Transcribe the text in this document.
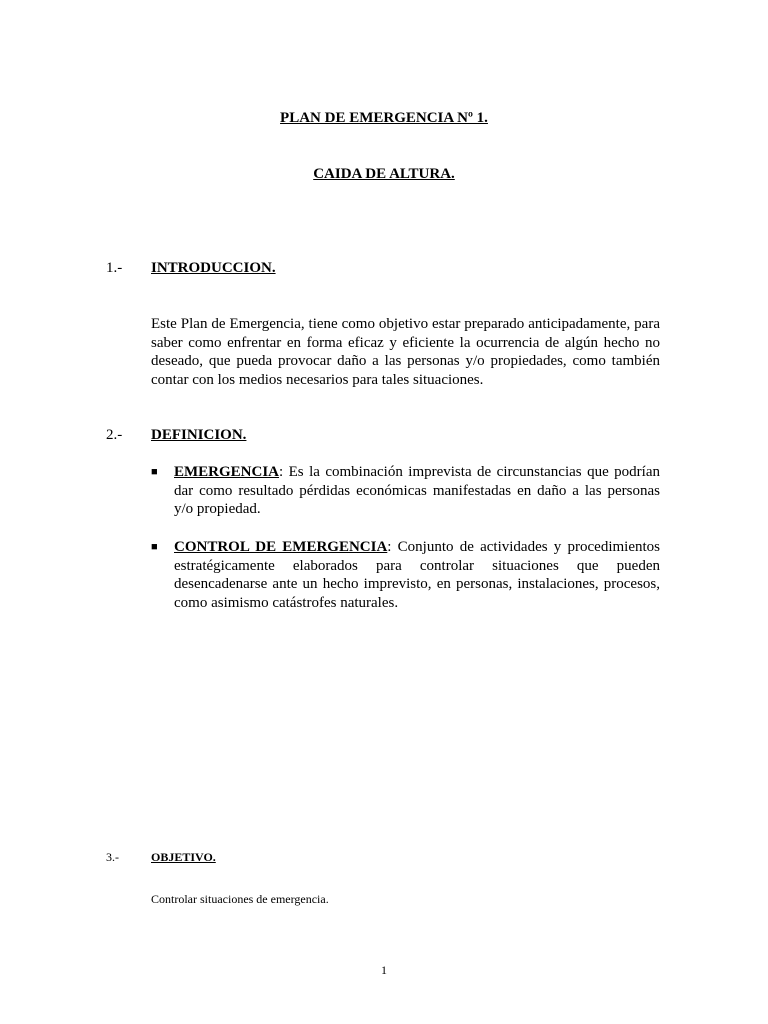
PLAN DE EMERGENCIA Nº 1.
CAIDA DE ALTURA.
1.- INTRODUCCION.
Este Plan de Emergencia, tiene como objetivo estar preparado anticipadamente, para saber como enfrentar en forma eficaz y eficiente la ocurrencia de algún hecho no deseado, que pueda provocar daño a las personas y/o propiedades, como también contar con los medios necesarios para tales situaciones.
2.- DEFINICION.
■	EMERGENCIA: Es la combinación imprevista de circunstancias que podrían dar como resultado pérdidas económicas manifestadas en daño a las personas y/o propiedad.
■	CONTROL DE EMERGENCIA: Conjunto de actividades y procedimientos estratégicamente elaborados para controlar situaciones que pueden desencadenarse ante un hecho imprevisto, en personas, instalaciones, procesos, como asimismo catástrofes naturales.
3.-	OBJETIVO.
Controlar situaciones de emergencia.
1
